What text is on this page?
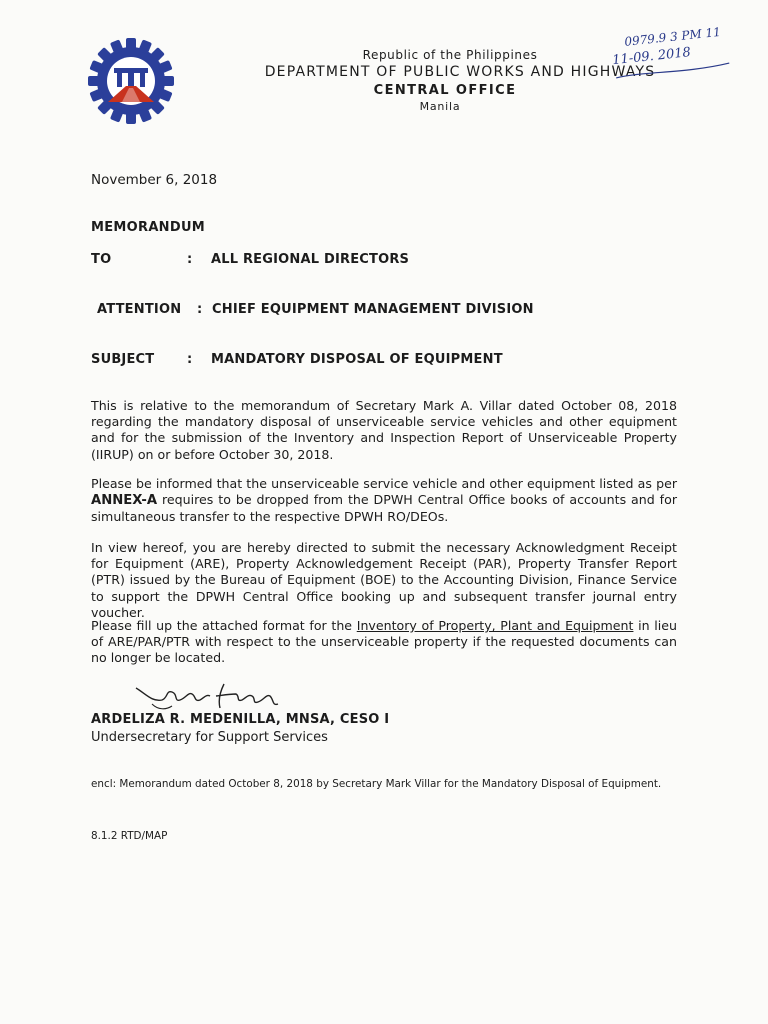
Republic of the Philippines
DEPARTMENT OF PUBLIC WORKS AND HIGHWAYS
CENTRAL OFFICE
Manila
0979.9 3 PM 11
11-09. 2018
November 6, 2018
MEMORANDUM
TO	: ALL REGIONAL DIRECTORS
ATTENTION : CHIEF EQUIPMENT MANAGEMENT DIVISION
SUBJECT	: MANDATORY DISPOSAL OF EQUIPMENT
This is relative to the memorandum of Secretary Mark A. Villar dated October 08, 2018 regarding the mandatory disposal of unserviceable service vehicles and other equipment and for the submission of the Inventory and Inspection Report of Unserviceable Property (IIRUP) on or before October 30, 2018.
Please be informed that the unserviceable service vehicle and other equipment listed as per ANNEX-A requires to be dropped from the DPWH Central Office books of accounts and for simultaneous transfer to the respective DPWH RO/DEOs.
In view hereof, you are hereby directed to submit the necessary Acknowledgment Receipt for Equipment (ARE), Property Acknowledgement Receipt (PAR), Property Transfer Report (PTR) issued by the Bureau of Equipment (BOE) to the Accounting Division, Finance Service to support the DPWH Central Office booking up and subsequent transfer journal entry voucher.
Please fill up the attached format for the Inventory of Property, Plant and Equipment in lieu of ARE/PAR/PTR with respect to the unserviceable property if the requested documents can no longer be located.
ARDELIZA R. MEDENILLA, MNSA, CESO I
Undersecretary for Support Services
encl: Memorandum dated October 8, 2018 by Secretary Mark Villar for the Mandatory Disposal of Equipment.
8.1.2 RTD/MAP
